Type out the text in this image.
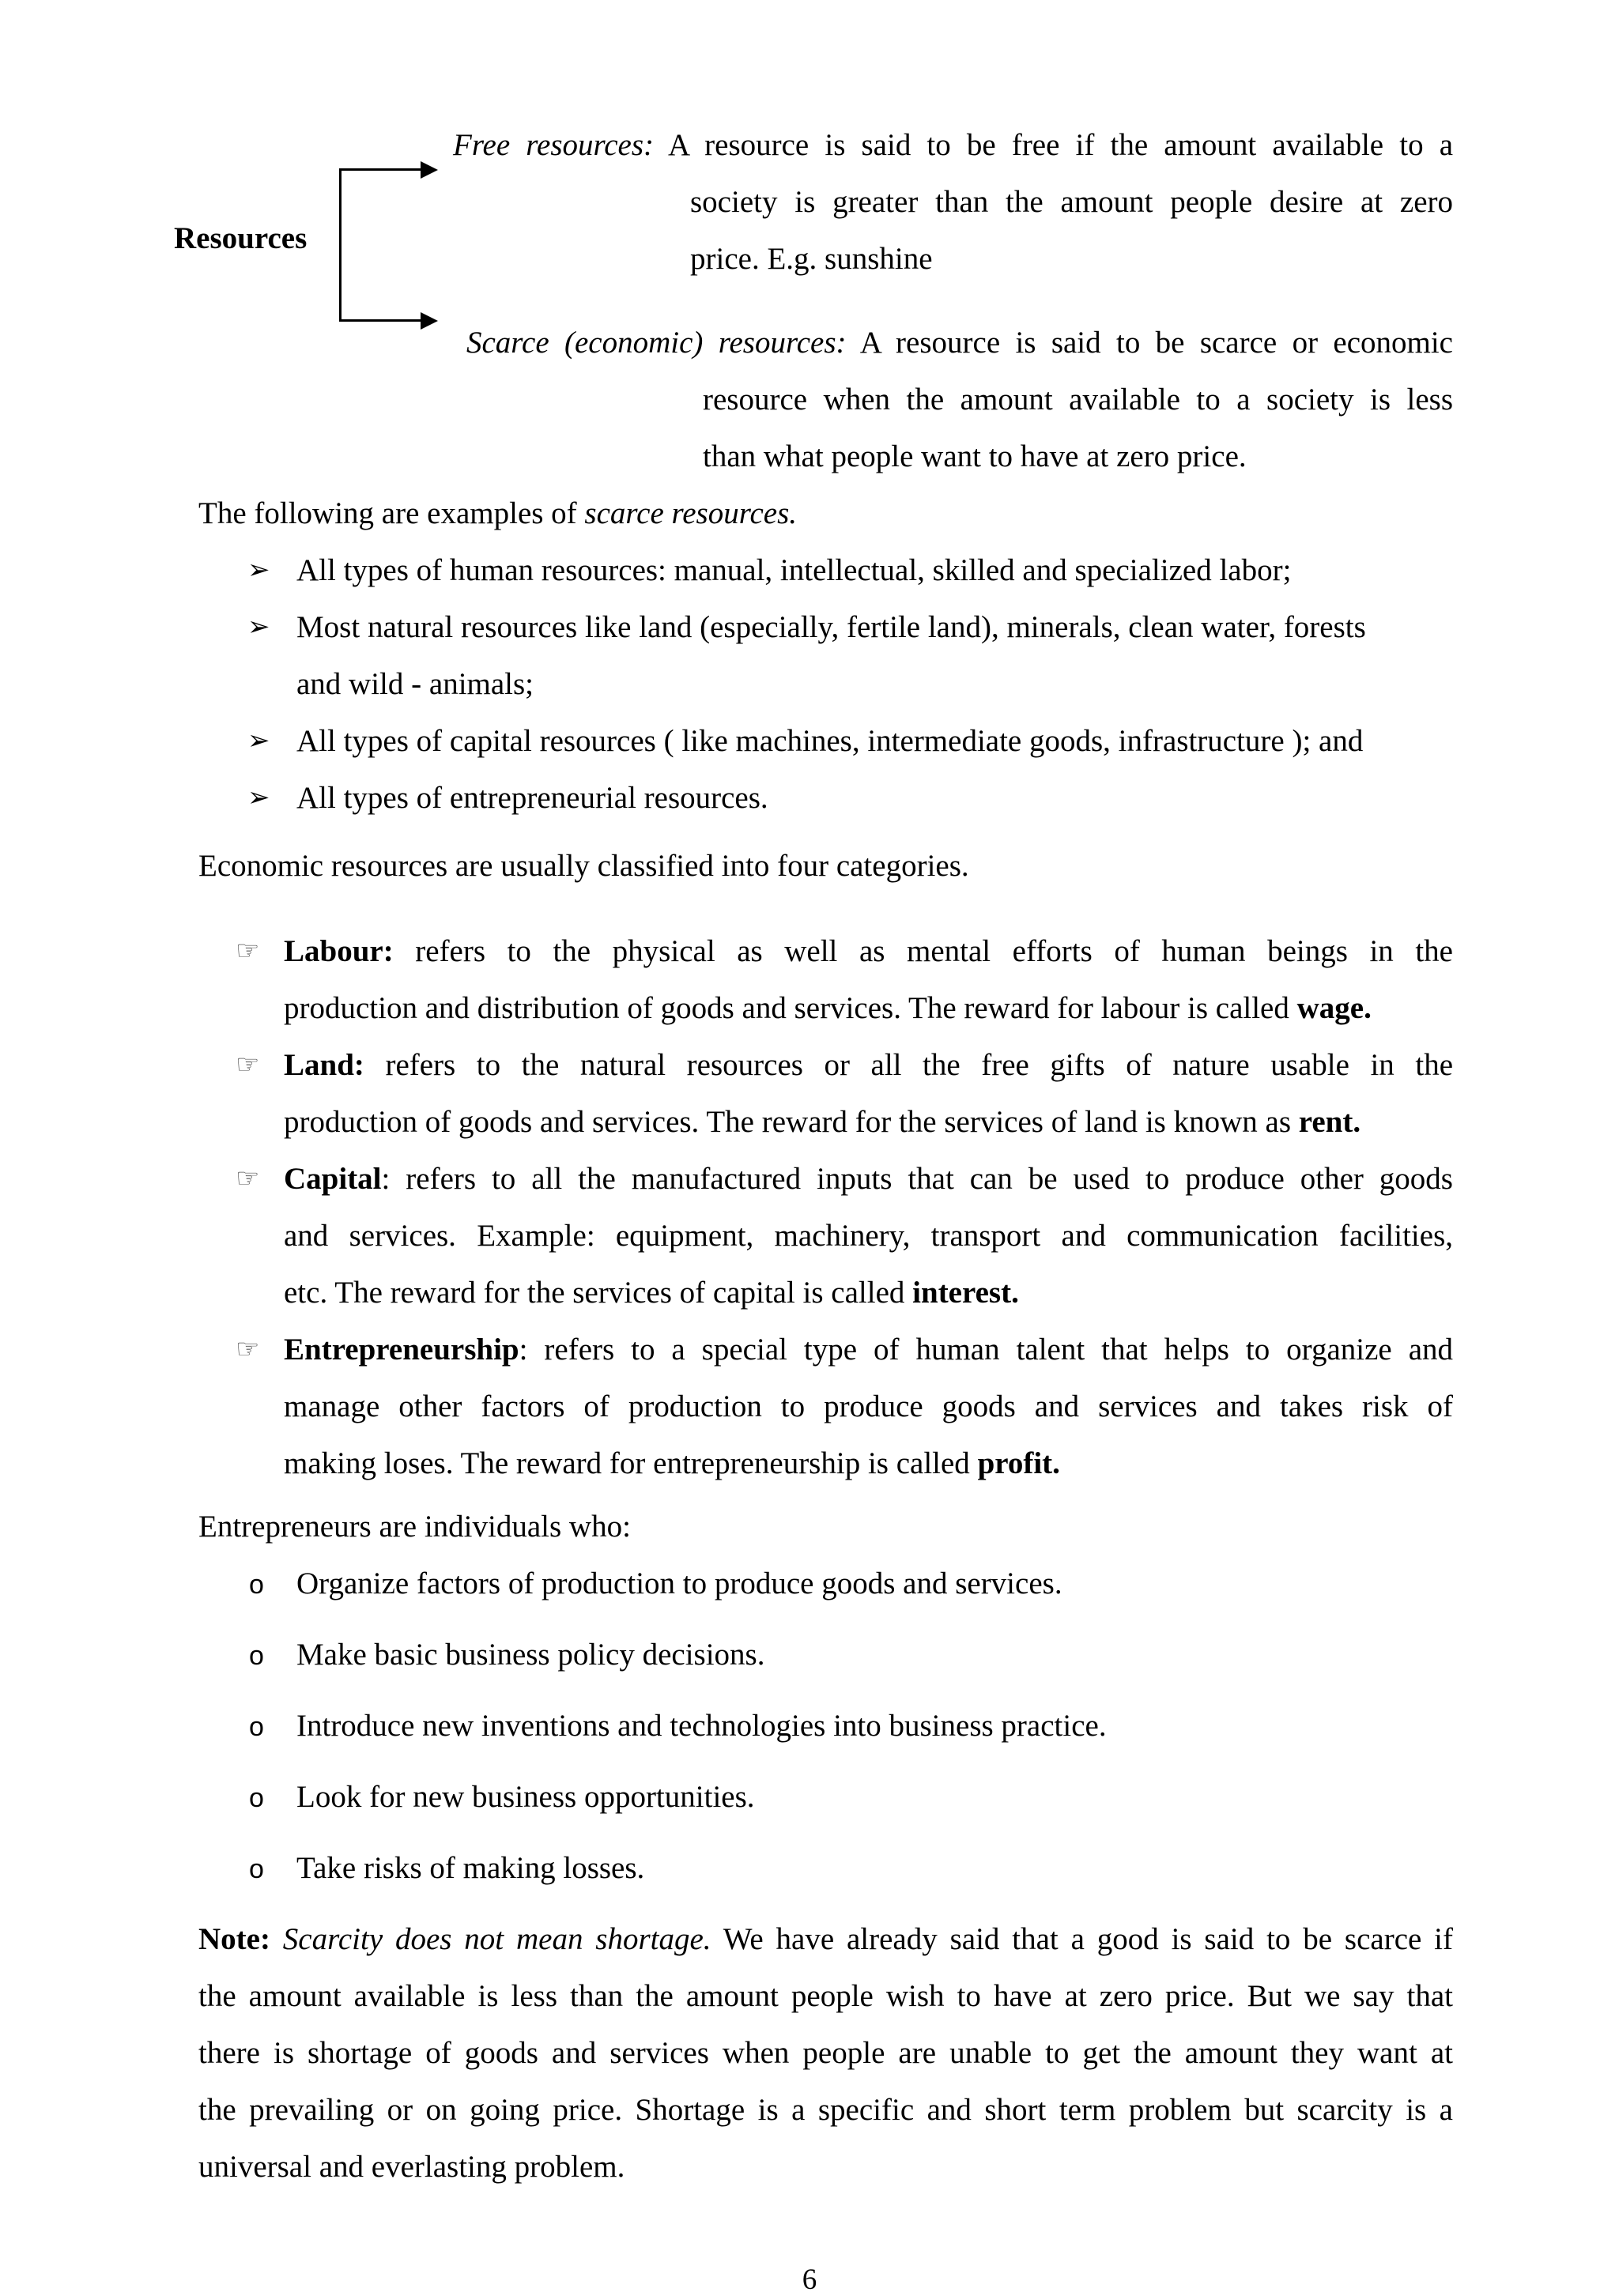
Resources
Free resources: A resource is said to be free if the amount available to a
society is greater than the amount people desire at zero
price. E.g. sunshine
Scarce (economic) resources: A resource is said to be scarce or economic
resource when the amount available to a society is less
than what people want to have at zero price.
The following are examples of scarce resources.
➢ All types of human resources: manual, intellectual, skilled and specialized labor;
➢ Most natural resources like land (especially, fertile land), minerals, clean water, forests
and wild - animals;
➢ All types of capital resources ( like machines, intermediate goods, infrastructure ); and
➢ All types of entrepreneurial resources.
Economic resources are usually classified into four categories.
☞ Labour: refers to the physical as well as mental efforts of human beings in the
production and distribution of goods and services. The reward for labour is called wage.
☞ Land: refers to the natural resources or all the free gifts of nature usable in the
production of goods and services. The reward for the services of land is known as rent.
☞ Capital: refers to all the manufactured inputs that can be used to produce other goods
and services. Example: equipment, machinery, transport and communication facilities,
etc. The reward for the services of capital is called interest.
☞ Entrepreneurship: refers to a special type of human talent that helps to organize and
manage other factors of production to produce goods and services and takes risk of
making loses. The reward for entrepreneurship is called profit.
Entrepreneurs are individuals who:
o Organize factors of production to produce goods and services.
o Make basic business policy decisions.
o Introduce new inventions and technologies into business practice.
o Look for new business opportunities.
o Take risks of making losses.
Note: Scarcity does not mean shortage. We have already said that a good is said to be scarce if
the amount available is less than the amount people wish to have at zero price. But we say that
there is shortage of goods and services when people are unable to get the amount they want at
the prevailing or on going price. Shortage is a specific and short term problem but scarcity is a
universal and everlasting problem.
6
